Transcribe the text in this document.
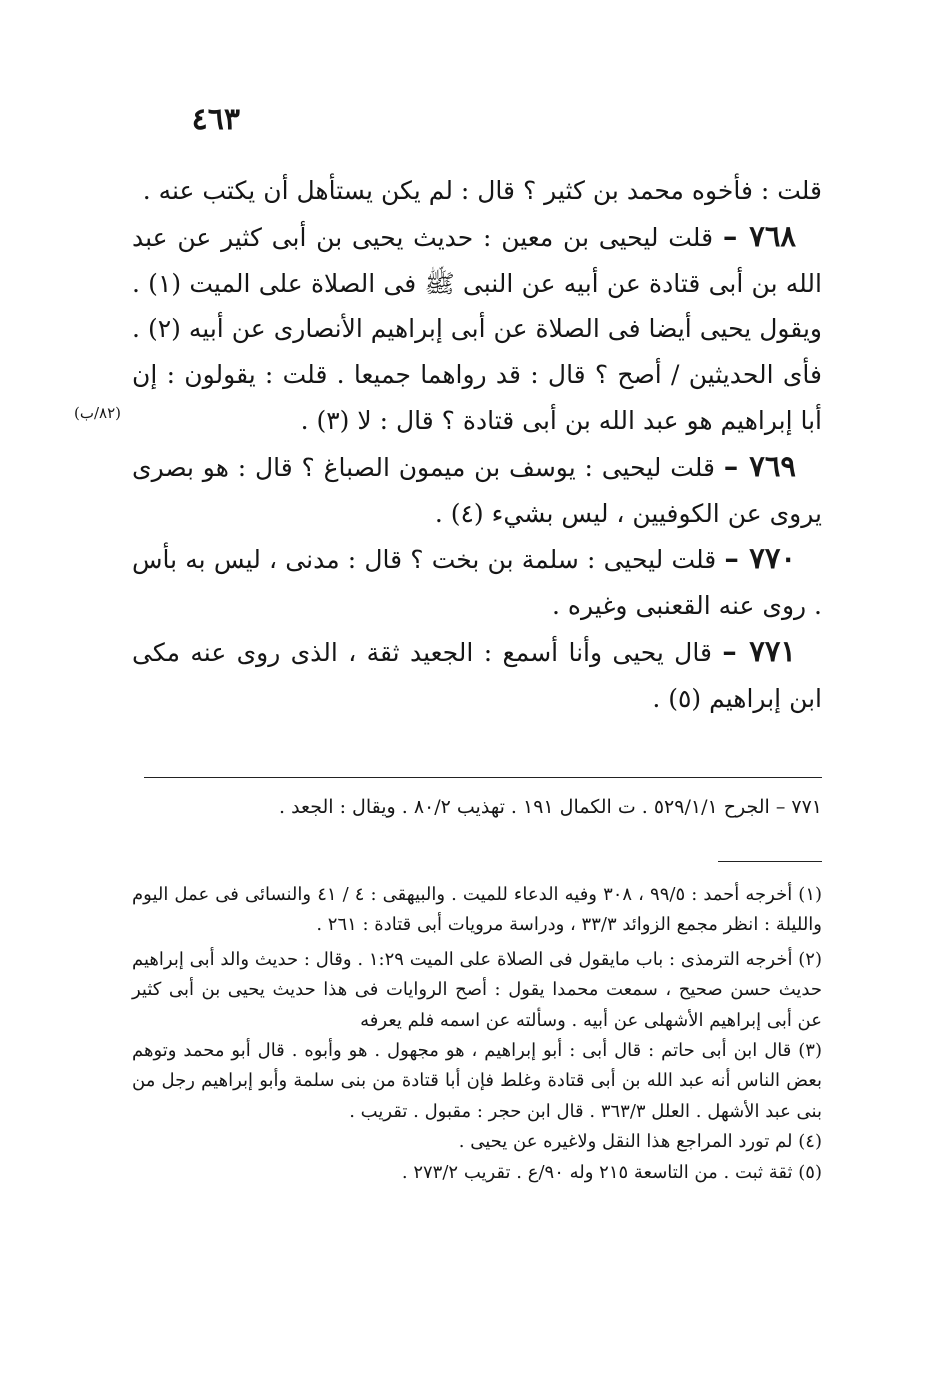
٤٦٣

قلت : فأخوه محمد بن كثير ؟ قال : لم يكن يستأهل أن يكتب عنه .

٧٦٨ – قلت ليحيى بن معين : حديث يحيى بن أبى كثير عن عبد الله بن أبى قتادة عن أبيه عن النبى ﷺ فى الصلاة على الميت (١) . ويقول يحيى أيضا فى الصلاة عن أبى إبراهيم الأنصارى عن أبيه (٢) . فأى الحديثين / أصح ؟ قال : قد رواهما جميعا . قلت : يقولون : إن أبا إبراهيم هو عبد الله بن أبى قتادة ؟ قال : لا (٣) .

٧٦٩ – قلت ليحيى : يوسف بن ميمون الصباغ ؟ قال : هو بصرى يروى عن الكوفيين ، ليس بشيء (٤) .

٧٧٠ – قلت ليحيى : سلمة بن بخت ؟ قال : مدنى ، ليس به بأس . روى عنه القعنبى وغيره .

٧٧١ – قال يحيى وأنا أسمع : الجعيد ثقة ، الذى روى عنه مكى ابن إبراهيم (٥) .

(٨٢/ب)
٧٧١ – الجرح ٥٢٩/١/١ . ت الكمال ١٩١ . تهذيب ٨٠/٢ . ويقال : الجعد .
(١) أخرجه أحمد : ٩٩/٥ ، ٣٠٨ وفيه الدعاء للميت . والبيهقى : ٤ / ٤١ والنسائى فى عمل اليوم والليلة : انظر مجمع الزوائد ٣٣/٣ ، ودراسة مرويات أبى قتادة : ٢٦١ .
(٢) أخرجه الترمذى : باب مايقول فى الصلاة على الميت ١:٢٩ . وقال : حديث والد أبى إبراهيم حديث حسن صحيح ، سمعت محمدا يقول : أصح الروايات فى هذا حديث يحيى بن أبى كثير عن أبى إبراهيم الأشهلى عن أبيه . وسألته عن اسمه فلم يعرفه
(٣) قال ابن أبى حاتم : قال أبى : أبو إبراهيم ، هو مجهول . هو وأبوه . قال أبو محمد وتوهم بعض الناس أنه عبد الله بن أبى قتادة وغلط فإن أبا قتادة من بنى سلمة وأبو إبراهيم رجل من بنى عبد الأشهل . العلل ٣٦٣/٣ . قال ابن حجر : مقبول . تقريب .
(٤) لم تورد المراجع هذا النقل ولاغيره عن يحيى .
(٥) ثقة ثبت . من التاسعة ٢١٥ وله ٩٠/ع . تقريب ٢٧٣/٢ .
